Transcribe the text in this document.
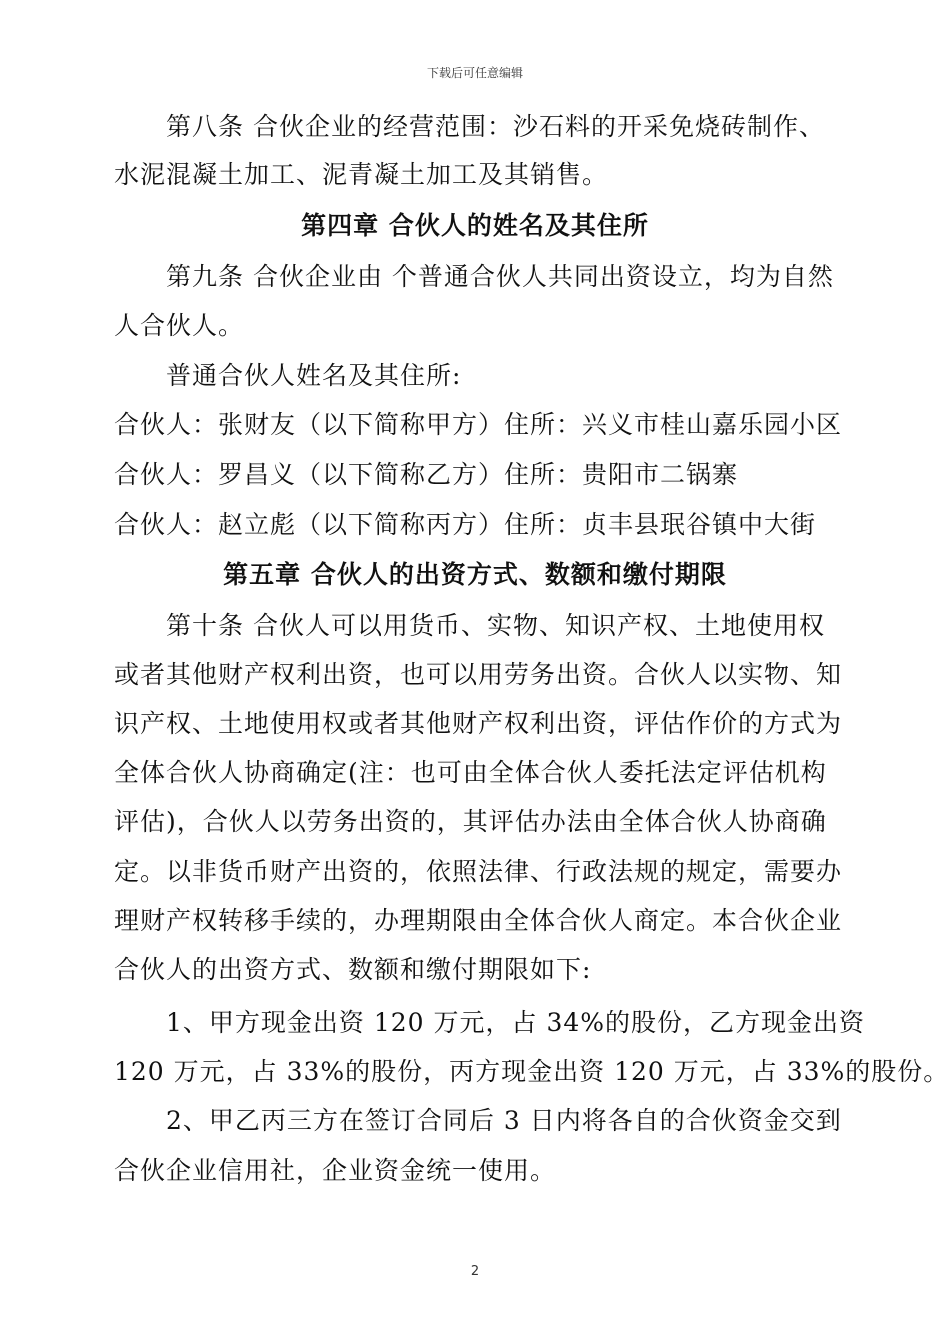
下载后可任意编辑
第八条 合伙企业的经营范围：沙石料的开采免烧砖制作、
水泥混凝土加工、泥青凝土加工及其销售。
第四章 合伙人的姓名及其住所
第九条 合伙企业由 个普通合伙人共同出资设立，均为自然
人合伙人。
普通合伙人姓名及其住所:
合伙人：张财友（以下简称甲方）住所：兴义市桂山嘉乐园小区
合伙人：罗昌义（以下简称乙方）住所：贵阳市二锅寨
合伙人：赵立彪（以下简称丙方）住所：贞丰县珉谷镇中大街
第五章 合伙人的出资方式、数额和缴付期限
第十条 合伙人可以用货币、实物、知识产权、土地使用权
或者其他财产权利出资，也可以用劳务出资。合伙人以实物、知
识产权、土地使用权或者其他财产权利出资，评估作价的方式为
全体合伙人协商确定(注：也可由全体合伙人委托法定评估机构
评估)，合伙人以劳务出资的，其评估办法由全体合伙人协商确
定。以非货币财产出资的，依照法律、行政法规的规定，需要办
理财产权转移手续的，办理期限由全体合伙人商定。本合伙企业
合伙人的出资方式、数额和缴付期限如下:
1、甲方现金出资 120 万元，占 34%的股份，乙方现金出资
120 万元，占 33%的股份，丙方现金出资 120 万元，占 33%的股份。
2、甲乙丙三方在签订合同后 3 日内将各自的合伙资金交到
合伙企业信用社，企业资金统一使用。
2
